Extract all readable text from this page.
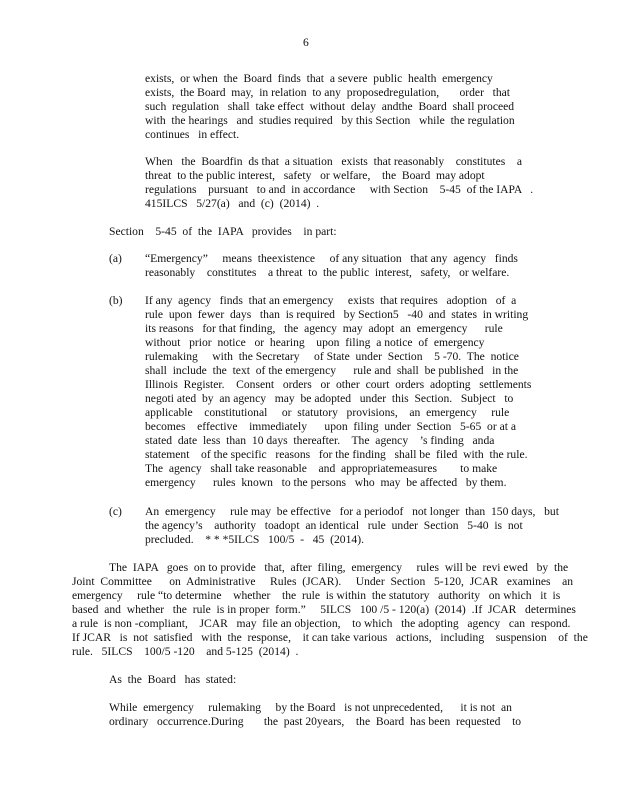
6
exists,  or when  the  Board  finds  that  a severe  public  health  emergency
exists,  the Board  may,  in relation  to any  proposedregulation,       order   that
such  regulation   shall  take effect  without  delay  andthe  Board  shall proceed
with  the hearings   and  studies required   by this Section   while  the regulation
continues   in effect.
When   the  Boardfin  ds that  a situation   exists  that reasonably    constitutes    a
threat  to the public interest,   safety   or welfare,    the  Board  may adopt
regulations    pursuant   to and  in accordance     with Section    5-45  of the IAPA   .
415ILCS   5/27(a)   and  (c)  (2014)  .
Section    5-45  of  the  IAPA   provides    in part:
(a) “Emergency”     means  theexistence     of any situation   that any  agency   finds
reasonably    constitutes    a threat  to  the public  interest,   safety,   or welfare.
(b) If any  agency   finds  that an emergency     exists  that requires   adoption   of  a
rule  upon  fewer  days   than  is required   by Section5   -40  and  states  in writing
its reasons   for that finding,   the  agency  may  adopt  an  emergency      rule
without   prior  notice   or  hearing    upon  filing  a notice  of  emergency
rulemaking     with  the Secretary     of State  under  Section    5 -70.  The  notice
shall  include  the  text  of the emergency      rule and  shall  be published   in the
Illinois  Register.    Consent   orders   or  other  court  orders  adopting   settlements
negoti ated  by  an agency   may  be adopted   under  this  Section.   Subject   to
applicable    constitutional     or  statutory   provisions,    an  emergency     rule
becomes    effective    immediately      upon  filing  under  Section   5-65  or at a
stated  date  less  than  10 days  thereafter.    The  agency    ’s finding   anda
statement    of the specific   reasons   for the finding   shall be  filed  with  the rule.
The  agency   shall take reasonable    and  appropriatemeasures        to make
emergency      rules  known   to the persons   who  may  be affected   by them.
(c) An  emergency     rule may  be effective   for a periodof   not longer  than  150 days,   but
the agency’s    authority   toadopt  an identical   rule  under  Section   5-40  is  not
precluded.    * * *5ILCS   100/5  -   45  (2014).
The  IAPA   goes  on to provide   that,  after  filing,  emergency     rules  will be  revi ewed   by  the
Joint  Committee      on  Administrative     Rules  (JCAR).     Under  Section   5-120,  JCAR   examines    an
emergency     rule “to determine    whether    the  rule  is within  the statutory   authority   on which   it  is
based  and  whether   the  rule  is in proper  form.”     5ILCS   100 /5 - 120(a)  (2014)  .If  JCAR   determines
a rule  is non -compliant,    JCAR   may  file an objection,    to which   the adopting   agency   can  respond.
If JCAR   is  not  satisfied   with  the  response,    it can take various   actions,   including    suspension    of  the
rule.   5ILCS    100/5 -120    and 5-125  (2014)  .
As  the  Board   has  stated:
While  emergency     rulemaking     by the Board   is not unprecedented,      it is not  an
ordinary   occurrence.During       the  past 20years,    the  Board  has been  requested    to
